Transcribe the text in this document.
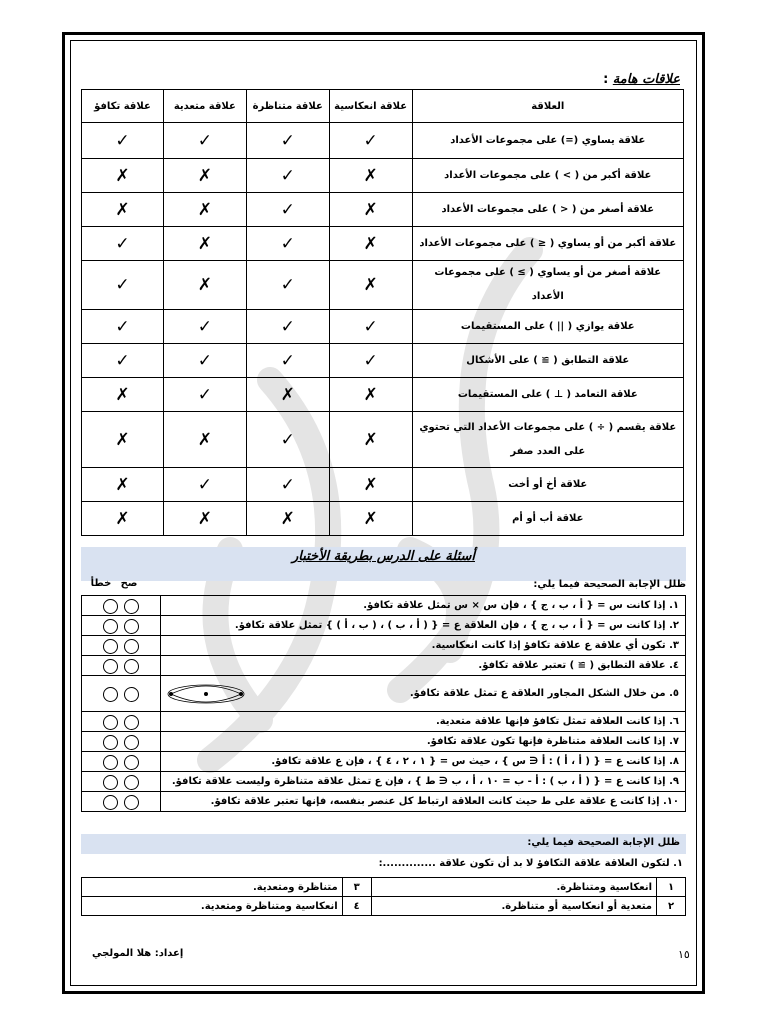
علاقات هامة :
العلاقة	علاقة انعكاسية	علاقة متناظرة	علاقة متعدية	علاقة تكافؤ
علاقة يساوي (=) على مجموعات الأعداد	✓	✓	✓	✓
علاقة أكبر من ( > ) على مجموعات الأعداد	✗	✓	✗	✗
علاقة أصغر من ( < ) على مجموعات الأعداد	✗	✓	✗	✗
علاقة أكبر من أو يساوي ( ≤ ) على مجموعات الأعداد	✗	✓	✗	✓
علاقة أصغر من أو يساوي ( ≥ ) على مجموعات الأعداد	✗	✓	✗	✓
علاقة يوازي ( || ) على المستقيمات	✓	✓	✓	✓
علاقة التطابق ( ≅ ) على الأشكال	✓	✓	✓	✓
علاقة التعامد ( ⊥ ) على المستقيمات	✗	✗	✓	✗
علاقة يقسم ( ÷ ) على مجموعات الأعداد التي تحتوي على العدد صفر	✗	✓	✗	✗
علاقة أخ أو أخت	✗	✓	✓	✗
علاقة أب أو أم	✗	✗	✗	✗
أسئلة على الدرس بطريقة الأختبار
خطأ صح	ظلل الإجابة الصحيحة فيما يلي:
١. إذا كانت س = { أ ، ب ، ج } ، فإن س × س تمثل علاقة تكافؤ.	
٢. إذا كانت س = { أ ، ب ، ج } ، فإن العلاقة ع = { ( أ ، ب ) ، ( ب ، أ ) } تمثل علاقة تكافؤ.	
٣. تكون أي علاقة ع علاقة تكافؤ إذا كانت انعكاسية.	
٤. علاقة التطابق ( ≅ ) تعتبر علاقة تكافؤ.	

٥. من خلال الشكل المجاور العلاقة ع تمثل علاقة تكافؤ.	

٦. إذا كانت العلاقة تمثل تكافؤ فإنها علاقة متعدية.	
٧. إذا كانت العلاقة متناظرة فإنها تكون علاقة تكافؤ.	
٨. إذا كانت ع = { ( أ ، أ ) : أ ∈ س } ، حيث س = { ١ ، ٢ ، ٤ } ، فإن ع علاقة تكافؤ.	
٩. إذا كانت ع = { ( أ ، ب ) : أ - ب = ١٠ ، أ ، ب ∈ ط } ، فإن ع تمثل علاقة متناظرة وليست علاقة تكافؤ.	
١٠. إذا كانت ع علاقة على ط حيث كانت العلاقة ارتباط كل عنصر بنفسه، فإنها تعتبر علاقة تكافؤ.	
ظلل الإجابة الصحيحة فيما يلي:
١. لتكون العلاقة علاقة التكافؤ لا بد أن تكون علاقة ..............:
١	انعكاسية ومتناظرة.	٣	متناظرة ومتعدية.
٢	متعدية أو انعكاسية أو متناظرة.	٤	انعكاسية ومتناظرة ومتعدية.
إعداد: هلا المولجي	١٥
